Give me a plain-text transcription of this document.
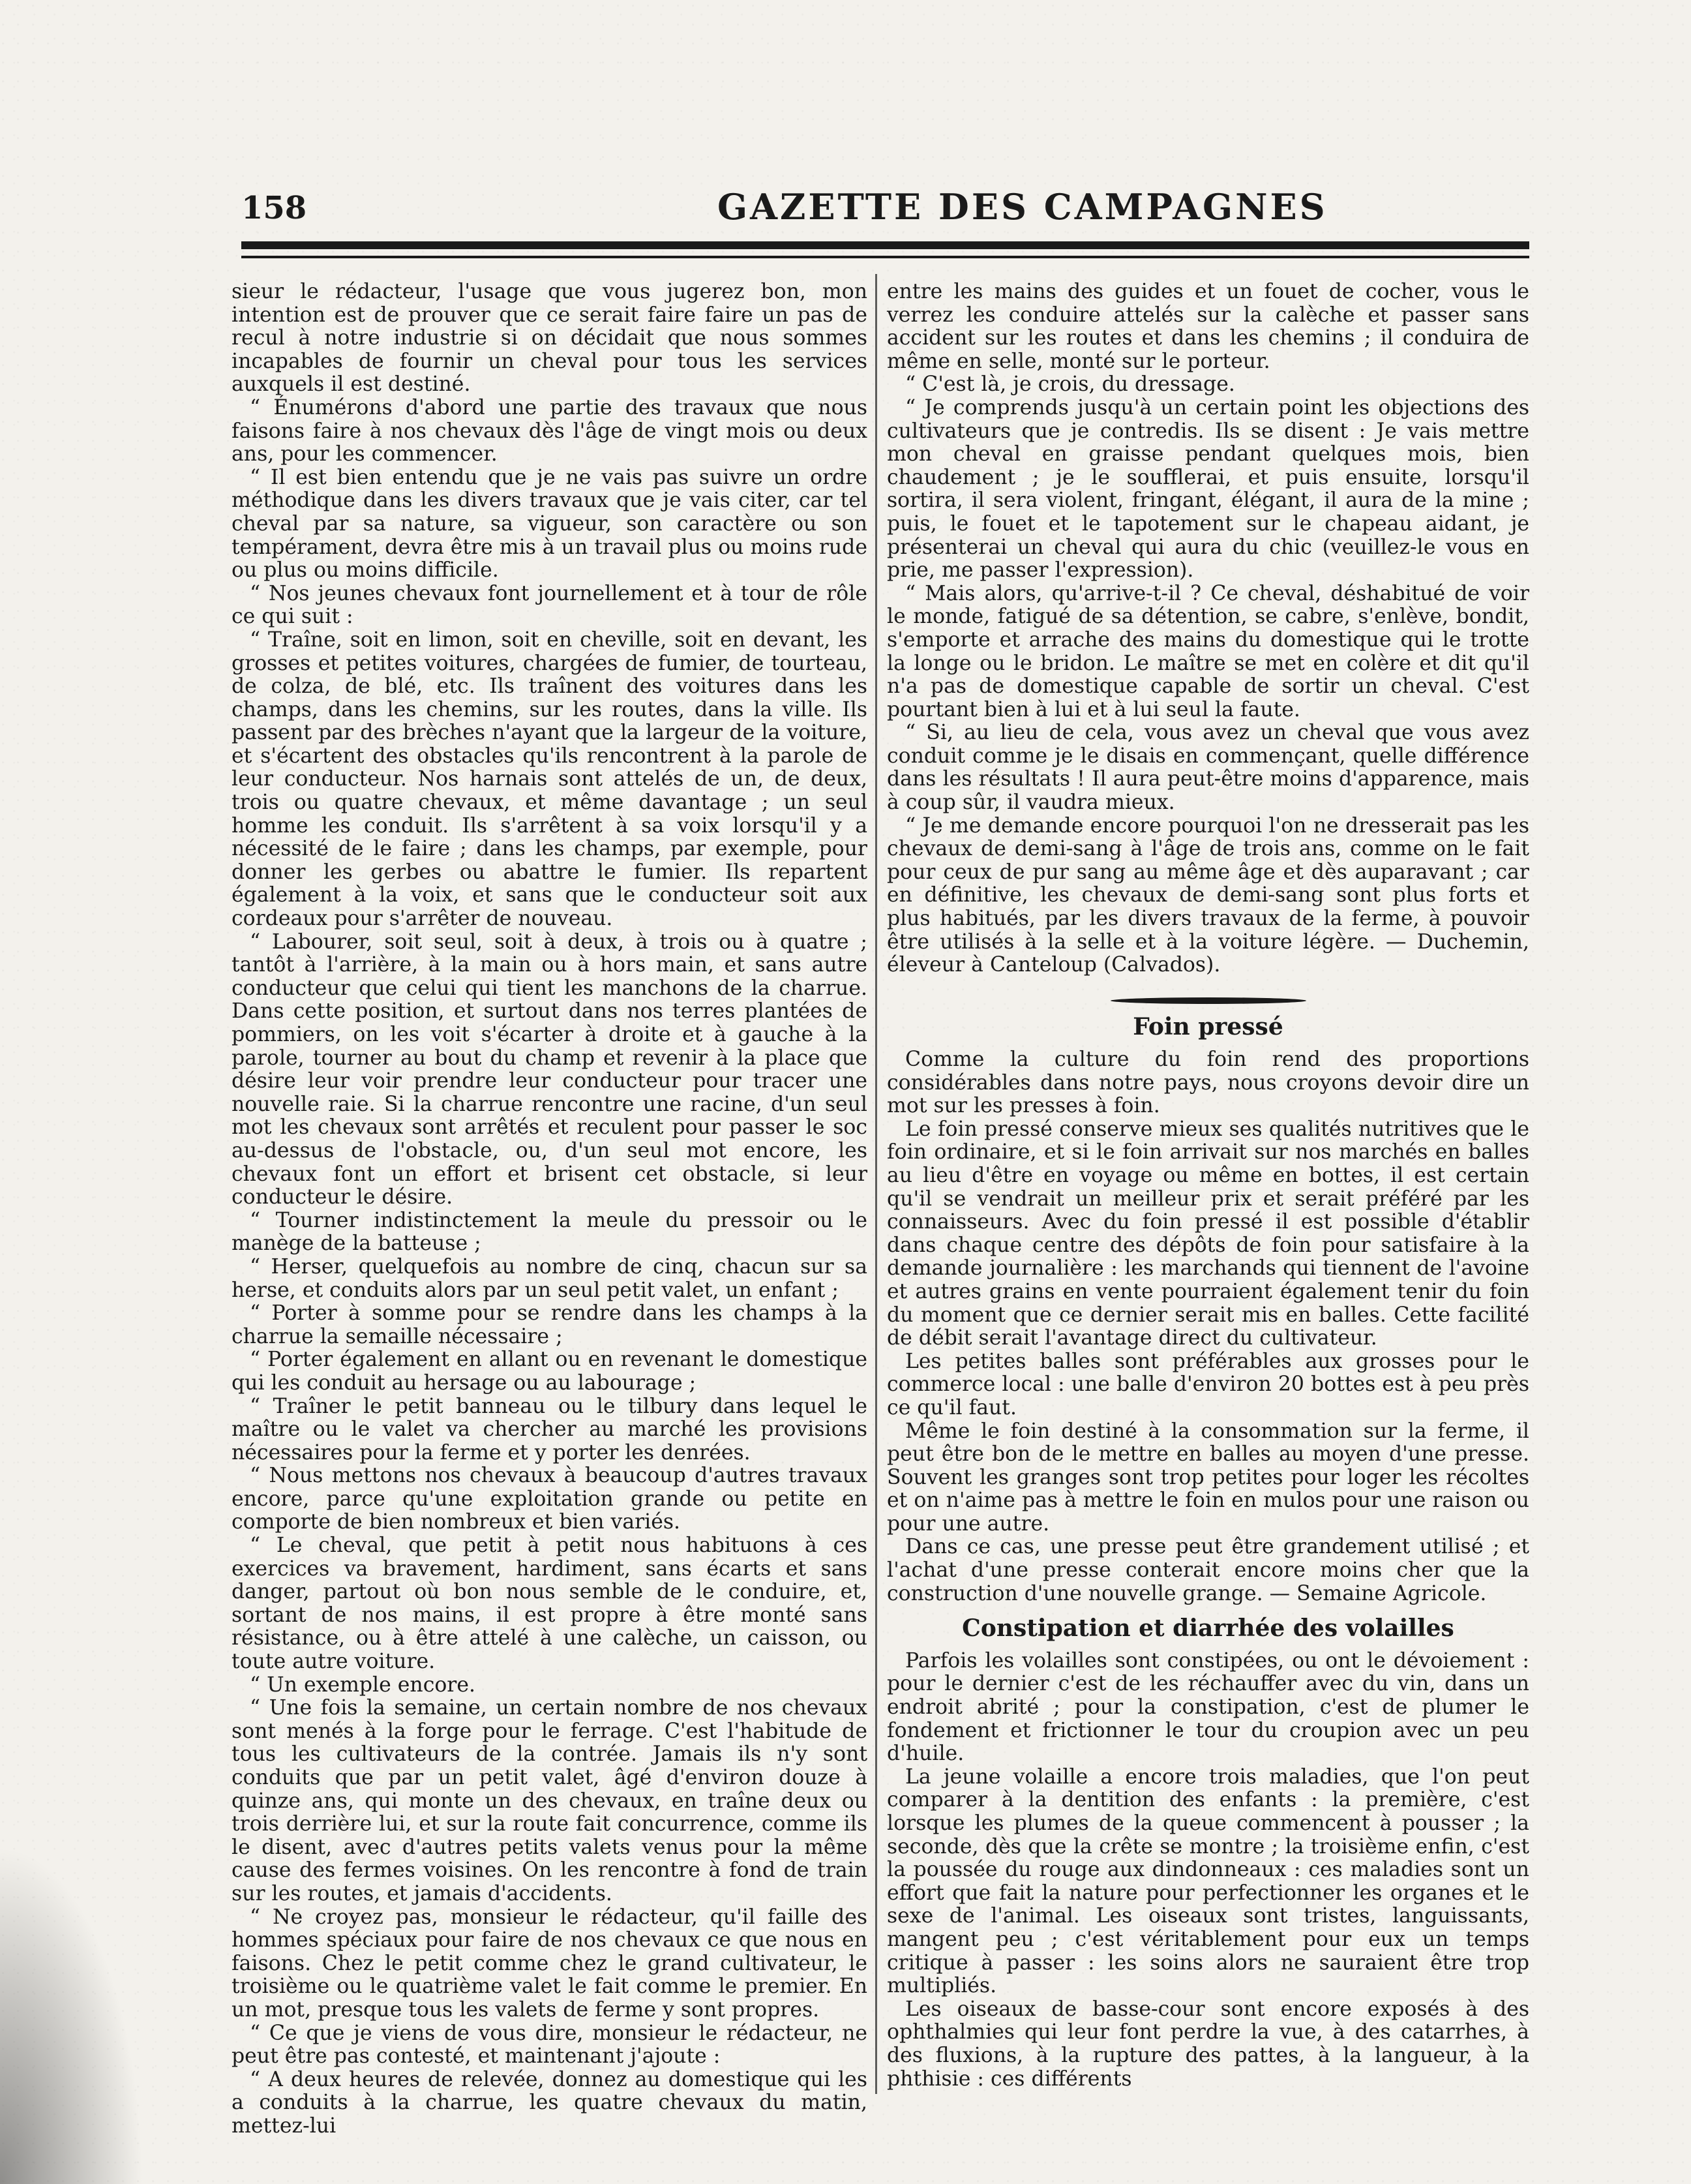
158	GAZETTE DES CAMPAGNES

sieur le rédacteur, l'usage que vous jugerez bon, mon intention est de prouver que ce serait faire faire un pas de recul à notre industrie si on décidait que nous sommes incapables de fournir un cheval pour tous les services auxquels il est destiné.

“ Énumérons d'abord une partie des travaux que nous faisons faire à nos chevaux dès l'âge de vingt mois ou deux ans, pour les commencer.

“ Il est bien entendu que je ne vais pas suivre un ordre méthodique dans les divers travaux que je vais citer, car tel cheval par sa nature, sa vigueur, son caractère ou son tempérament, devra être mis à un travail plus ou moins rude ou plus ou moins difficile.

“ Nos jeunes chevaux font journellement et à tour de rôle ce qui suit :

“ Traîne, soit en limon, soit en cheville, soit en devant, les grosses et petites voitures, chargées de fumier, de tourteau, de colza, de blé, etc. Ils traînent des voitures dans les champs, dans les chemins, sur les routes, dans la ville. Ils passent par des brèches n'ayant que la largeur de la voiture, et s'écartent des obstacles qu'ils rencontrent à la parole de leur conducteur. Nos harnais sont attelés de un, de deux, trois ou quatre chevaux, et même davantage ; un seul homme les conduit. Ils s'arrêtent à sa voix lorsqu'il y a nécessité de le faire ; dans les champs, par exemple, pour donner les gerbes ou abattre le fumier. Ils repartent également à la voix, et sans que le conducteur soit aux cordeaux pour s'arrêter de nouveau.

“ Labourer, soit seul, soit à deux, à trois ou à quatre ; tantôt à l'arrière, à la main ou à hors main, et sans autre conducteur que celui qui tient les manchons de la charrue. Dans cette position, et surtout dans nos terres plantées de pommiers, on les voit s'écarter à droite et à gauche à la parole, tourner au bout du champ et revenir à la place que désire leur voir prendre leur conducteur pour tracer une nouvelle raie. Si la charrue rencontre une racine, d'un seul mot les chevaux sont arrêtés et reculent pour passer le soc au-dessus de l'obstacle, ou, d'un seul mot encore, les chevaux font un effort et brisent cet obstacle, si leur conducteur le désire.

“ Tourner indistinctement la meule du pressoir ou le manège de la batteuse ;

“ Herser, quelquefois au nombre de cinq, chacun sur sa herse, et conduits alors par un seul petit valet, un enfant ;

“ Porter à somme pour se rendre dans les champs à la charrue la semaille nécessaire ;

“ Porter également en allant ou en revenant le domestique qui les conduit au hersage ou au labourage ;

“ Traîner le petit banneau ou le tilbury dans lequel le maître ou le valet va chercher au marché les provisions nécessaires pour la ferme et y porter les denrées.

“ Nous mettons nos chevaux à beaucoup d'autres travaux encore, parce qu'une exploitation grande ou petite en comporte de bien nombreux et bien variés.

“ Le cheval, que petit à petit nous habituons à ces exercices va bravement, hardiment, sans écarts et sans danger, partout où bon nous semble de le conduire, et, sortant de nos mains, il est propre à être monté sans résistance, ou à être attelé à une calèche, un caisson, ou toute autre voiture.

“ Un exemple encore.

“ Une fois la semaine, un certain nombre de nos chevaux sont menés à la forge pour le ferrage. C'est l'habitude de tous les cultivateurs de la contrée. Jamais ils n'y sont conduits que par un petit valet, âgé d'environ douze à quinze ans, qui monte un des chevaux, en traîne deux ou trois derrière lui, et sur la route fait concurrence, comme ils le disent, avec d'autres petits valets venus pour la même cause des fermes voisines. On les rencontre à fond de train sur les routes, et jamais d'accidents.

“ Ne croyez pas, monsieur le rédacteur, qu'il faille des hommes spéciaux pour faire de nos chevaux ce que nous en faisons. Chez le petit comme chez le grand cultivateur, le troisième ou le quatrième valet le fait comme le premier. En un mot, presque tous les valets de ferme y sont propres.

“ Ce que je viens de vous dire, monsieur le rédacteur, ne peut être pas contesté, et maintenant j'ajoute :

“ A deux heures de relevée, donnez au domestique qui les a conduits à la charrue, les quatre chevaux du matin, mettez-lui

entre les mains des guides et un fouet de cocher, vous le verrez les conduire attelés sur la calèche et passer sans accident sur les routes et dans les chemins ; il conduira de même en selle, monté sur le porteur.

“ C'est là, je crois, du dressage.

“ Je comprends jusqu'à un certain point les objections des cultivateurs que je contredis. Ils se disent : Je vais mettre mon cheval en graisse pendant quelques mois, bien chaudement ; je le soufflerai, et puis ensuite, lorsqu'il sortira, il sera violent, fringant, élégant, il aura de la mine ; puis, le fouet et le tapotement sur le chapeau aidant, je présenterai un cheval qui aura du chic (veuillez-le vous en prie, me passer l'expression).

“ Mais alors, qu'arrive-t-il ? Ce cheval, déshabitué de voir le monde, fatigué de sa détention, se cabre, s'enlève, bondit, s'emporte et arrache des mains du domestique qui le trotte la longe ou le bridon. Le maître se met en colère et dit qu'il n'a pas de domestique capable de sortir un cheval. C'est pourtant bien à lui et à lui seul la faute.

“ Si, au lieu de cela, vous avez un cheval que vous avez conduit comme je le disais en commençant, quelle différence dans les résultats ! Il aura peut-être moins d'apparence, mais à coup sûr, il vaudra mieux.

“ Je me demande encore pourquoi l'on ne dresserait pas les chevaux de demi-sang à l'âge de trois ans, comme on le fait pour ceux de pur sang au même âge et dès auparavant ; car en définitive, les chevaux de demi-sang sont plus forts et plus habitués, par les divers travaux de la ferme, à pouvoir être utilisés à la selle et à la voiture légère. — Duchemin, éleveur à Canteloup (Calvados).

Foin pressé

Comme la culture du foin rend des proportions considérables dans notre pays, nous croyons devoir dire un mot sur les presses à foin.

Le foin pressé conserve mieux ses qualités nutritives que le foin ordinaire, et si le foin arrivait sur nos marchés en balles au lieu d'être en voyage ou même en bottes, il est certain qu'il se vendrait un meilleur prix et serait préféré par les connaisseurs. Avec du foin pressé il est possible d'établir dans chaque centre des dépôts de foin pour satisfaire à la demande journalière : les marchands qui tiennent de l'avoine et autres grains en vente pourraient également tenir du foin du moment que ce dernier serait mis en balles. Cette facilité de débit serait l'avantage direct du cultivateur.

Les petites balles sont préférables aux grosses pour le commerce local : une balle d'environ 20 bottes est à peu près ce qu'il faut.

Même le foin destiné à la consommation sur la ferme, il peut être bon de le mettre en balles au moyen d'une presse. Souvent les granges sont trop petites pour loger les récoltes et on n'aime pas à mettre le foin en mulos pour une raison ou pour une autre.

Dans ce cas, une presse peut être grandement utilisé ; et l'achat d'une presse conterait encore moins cher que la construction d'une nouvelle grange. — Semaine Agricole.

Constipation et diarrhée des volailles

Parfois les volailles sont constipées, ou ont le dévoiement : pour le dernier c'est de les réchauffer avec du vin, dans un endroit abrité ; pour la constipation, c'est de plumer le fondement et frictionner le tour du croupion avec un peu d'huile.

La jeune volaille a encore trois maladies, que l'on peut comparer à la dentition des enfants : la première, c'est lorsque les plumes de la queue commencent à pousser ; la seconde, dès que la crête se montre ; la troisième enfin, c'est la poussée du rouge aux dindonneaux : ces maladies sont un effort que fait la nature pour perfectionner les organes et le sexe de l'animal. Les oiseaux sont tristes, languissants, mangent peu ; c'est véritablement pour eux un temps critique à passer : les soins alors ne sauraient être trop multipliés.

Les oiseaux de basse-cour sont encore exposés à des ophthalmies qui leur font perdre la vue, à des catarrhes, à des fluxions, à la rupture des pattes, à la langueur, à la phthisie : ces différents
